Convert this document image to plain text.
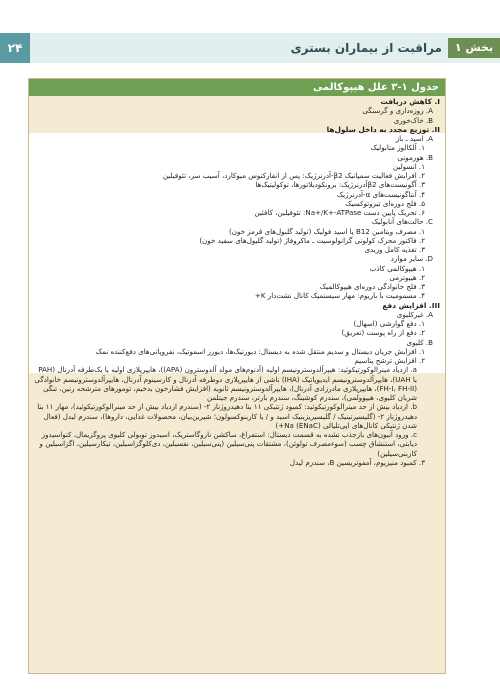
۲۴	بخش ۱
مراقبت از بیماران بستری
جدول ۱-۳ علل هیپوکالمی
I. کاهش دریافت
A. روزه‌داری و گرسنگی
B. خاک‌خوری
II. توزیع مجدد به داخل سلول‌ها
A. اسید ـ باز
۱. آلکالوز متابولیک
B. هورمونی
۱. انسولین
۲. افزایش فعالیت سمپاتیک β2-آدرنرژیک: پس از انفارکتوس میوکارد، آسیب سر، تئوفیلین
۳. آگونیست‌های β2آدرنرژیک: برونکودیلاتورها، توکولیتیک‌ها
۴. آنتاگونیست‌های α-آدرنرژیک
۵. فلج دوره‌ای تیروتوکسیک
۶. تحریک پایین دست Na+/K+-ATPase: تئوفیلین، کافئین
C. حالت‌های آنابولیک
۱. مصرف ویتامین B12 یا اسید فولیک (تولید گلبول‌های قرمز خون)
۲. فاکتور محرک کولونی گرانولوسیت ـ ماکروفاژ (تولید گلبول‌های سفید خون)
۳. تغذیه کامل وریدی
D. سایر موارد
۱. هیپوکالمی کاذب
۲. هیپوترمی
۳. فلج خانوادگی دوره‌ای هیپوکالمیک
۴. مسمومیت با باریوم: مهار سیستمیک کانال نشت‌دار K+
III. افزایش دفع
A. غیرکلیوی
۱. دفع گوارشی (اسهال)
۲. دفع از راه پوست (تعریق)
B. کلیوی
۱. افزایش جریان دیستال و سدیم منتقل شده به دیستال: دیورتیک‌ها، دیورز اسموتیک، نفروپاتی‌های دفع‌کننده نمک
۲. افزایش ترشح پتاسیم
a. ازدیاد مینرالوکورتیکوئید: هیپرآلدوسترونیسم اولیه (آدنوم‌های مولد آلدوسترون (APA))، هایپرپلازی اولیه یا یک‌طرفه آدرنال (PAH یا UAH)، هایپرآلدوسترونیسم ایدیوپاتیک (IHA) ناشی از هایپرپلازی دوطرفه آدرنال و کارسینوم آدرنال، هایپرآلدوسترونیسم خانوادگی (FH-I، FH-II)، هایپرپلازی مادرزادی آدرنال)، هایپرآلدوسترونیسم ثانویه (افزایش فشارخون بدخیم، تومورهای مترشحه رنین، تنگی شریان کلیوی، هیپوولمی)، سندرم کوشینگ، سندرم بارتر، سندرم جیتلمن
b. ازدیاد بیش از حد مینرالوکورتیکوئید: کمبود ژنتیکی ۱۱ بتا دهیدروژناز ۲- (سندرم ازدیاد بیش از حد مینرالوکورتیکوئید)، مهار ۱۱ بتا دهیدروژناز ۲- (گلیسیرتینیک / گلیسیریزینیک اسید و / یا کاربنوکسولون؛ شیرین‌بیان، محصولات غذایی، داروها)، سندرم لیدل (فعال شدن ژنتیکی کانال‌های اپی‌تلیالی (ENaC) Na+)
c. ورود آنیون‌های بازجذب نشده به قسمت دیستال: استفراغ، ساکشن نازوگاستریک، اسیدوز توبولی کلیوی پروگزیمال، کتواسیدوز دیابتی، استنشاق چسب (سوءمصرف تولوئن)، مشتقات پنی‌سیلین (پنی‌سیلین، نفسیلین، دی‌کلوگزاسیلین، تیکارسیلین، اگزاسیلین و کاربنی‌سیلین)
۳. کمبود منیزیوم، آمفوتریسین B، سندرم لیدل
